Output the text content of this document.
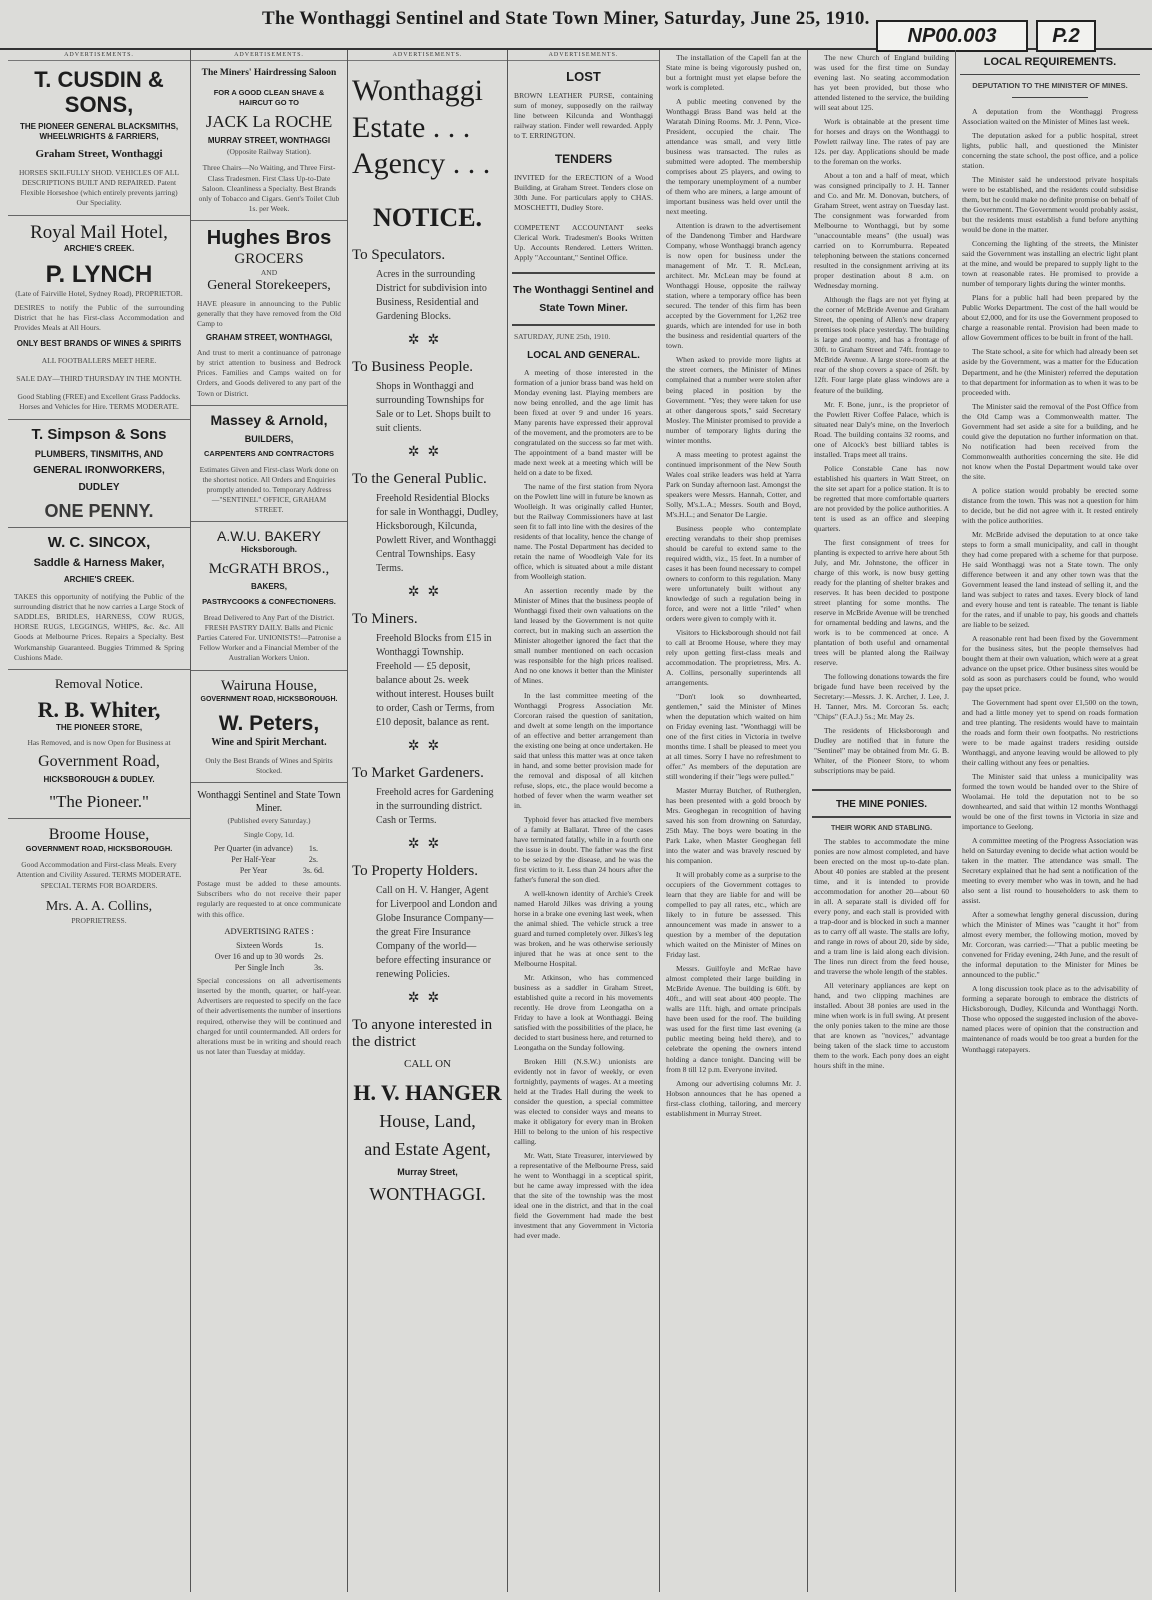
The Wonthaggi Sentinel and State Town Miner, Saturday, June 25, 1910.
NP00.003	P.2
ADVERTISEMENTS.
T. CUSDIN & SONS,
THE PIONEER GENERAL BLACKSMITHS, WHEELWRIGHTS & FARRIERS,
Graham Street, Wonthaggi
HORSES SKILFULLY SHOD. VEHICLES OF ALL DESCRIPTIONS BUILT AND REPAIRED. Patent Flexible Horseshoe (which entirely prevents jarring) Our Speciality.
Royal Mail Hotel,
ARCHIE'S CREEK.
P. LYNCH
(Late of Fairville Hotel, Sydney Road), PROPRIETOR.
DESIRES to notify the Public of the surrounding District that he has First-class Accommodation and Provides Meals at All Hours.
ONLY BEST BRANDS OF WINES & SPIRITS
ALL FOOTBALLERS MEET HERE.
SALE DAY—THIRD THURSDAY IN THE MONTH.
Good Stabling (FREE) and Excellent Grass Paddocks. Horses and Vehicles for Hire. TERMS MODERATE.
T. Simpson & Sons
PLUMBERS, TINSMITHS, AND
GENERAL IRONWORKERS,
DUDLEY
ONE PENNY.
W. C. SINCOX,
Saddle & Harness Maker,
ARCHIE'S CREEK.
TAKES this opportunity of notifying the Public of the surrounding district that he now carries a Large Stock of SADDLES, BRIDLES, HARNESS, COW RUGS, HORSE RUGS, LEGGINGS, WHIPS, &c. &c. All Goods at Melbourne Prices. Repairs a Specialty. Best Workmanship Guaranteed. Buggies Trimmed & Spring Cushions Made.
Removal Notice.
R. B. Whiter,
THE PIONEER STORE,
Has Removed, and is now Open for Business at
Government Road,
HICKSBOROUGH & DUDLEY.
"The Pioneer."
Broome House,
GOVERNMENT ROAD, HICKSBOROUGH.
Good Accommodation and First-class Meals. Every Attention and Civility Assured. TERMS MODERATE. SPECIAL TERMS FOR BOARDERS.
Mrs. A. A. Collins,
PROPRIETRESS.
ADVERTISEMENTS.
The Miners' Hairdressing Saloon
FOR A GOOD CLEAN SHAVE & HAIRCUT GO TO
JACK La ROCHE
MURRAY STREET, WONTHAGGI
(Opposite Railway Station).
Three Chairs—No Waiting, and Three First-Class Tradesmen. First Class Up-to-Date Saloon. Cleanliness a Specialty. Best Brands only of Tobacco and Cigars. Gent's Toilet Club 1s. per Week.
Hughes Bros
GROCERS
AND
General Storekeepers,
HAVE pleasure in announcing to the Public generally that they have removed from the Old Camp to
GRAHAM STREET, WONTHAGGI,
And trust to merit a continuance of patronage by strict attention to business and Bedrock Prices. Families and Camps waited on for Orders, and Goods delivered to any part of the Town or District.
Massey & Arnold,
BUILDERS,
CARPENTERS AND CONTRACTORS
Estimates Given and First-class Work done on the shortest notice. All Orders and Enquiries promptly attended to. Temporary Address—"SENTINEL" OFFICE, GRAHAM STREET.
A.W.U. BAKERY
Hicksborough.
McGRATH BROS.,
BAKERS,
PASTRYCOOKS & CONFECTIONERS.
Bread Delivered to Any Part of the District. FRESH PASTRY DAILY. Balls and Picnic Parties Catered For. UNIONISTS!—Patronise a Fellow Worker and a Financial Member of the Australian Workers Union.
Wairuna House,
GOVERNMENT ROAD, HICKSBOROUGH.
W. Peters,
Wine and Spirit Merchant.
Only the Best Brands of Wines and Spirits Stocked.
Wonthaggi Sentinel and State Town Miner.
(Published every Saturday.)
Single Copy, 1d.
Per Quarter (in advance)	1s.
Per Half-Year	2s.
Per Year	3s. 6d.
Postage must be added to these amounts. Subscribers who do not receive their paper regularly are requested to at once communicate with this office.
ADVERTISING RATES :
Sixteen Words	1s.
Over 16 and up to 30 words	2s.
Per Single Inch	3s.
Special concessions on all advertisements inserted by the month, quarter, or half-year. Advertisers are requested to specify on the face of their advertisements the number of insertions required, otherwise they will be continued and charged for until countermanded. All orders for alterations must be in writing and should reach us not later than Tuesday at midday.
ADVERTISEMENTS.
Wonthaggi
Estate . . .
Agency . . .
NOTICE.
To Speculators.
Acres in the surrounding District for subdivision into Business, Residential and Gardening Blocks.
✲✲
To Business People.
Shops in Wonthaggi and surrounding Townships for Sale or to Let. Shops built to suit clients.
✲✲
To the General Public.
Freehold Residential Blocks for sale in Wonthaggi, Dudley, Hicksborough, Kilcunda, Powlett River, and Wonthaggi Central Townships. Easy Terms.
✲✲
To Miners.
Freehold Blocks from £15 in Wonthaggi Township. Freehold — £5 deposit, balance about 2s. week without interest. Houses built to order, Cash or Terms, from £10 deposit, balance as rent.
✲✲
To Market Gardeners.
Freehold acres for Gardening in the surrounding district. Cash or Terms.
✲✲
To Property Holders.
Call on H. V. Hanger, Agent for Liverpool and London and Globe Insurance Company—the great Fire Insurance Company of the world—before effecting insurance or renewing Policies.
✲✲
To anyone interested in the district
CALL ON
H. V. HANGER
House, Land,
and Estate Agent,
Murray Street,
WONTHAGGI.
ADVERTISEMENTS.
LOST
BROWN LEATHER PURSE, containing sum of money, supposedly on the railway line between Kilcunda and Wonthaggi railway station. Finder well rewarded. Apply to T. ERRINGTON.
TENDERS
INVITED for the ERECTION of a Wood Building, at Graham Street. Tenders close on 30th June. For particulars apply to CHAS. MOSCHETTI, Dudley Store.
COMPETENT ACCOUNTANT seeks Clerical Work. Tradesmen's Books Written Up. Accounts Rendered. Letters Written. Apply "Accountant," Sentinel Office.
The Wonthaggi Sentinel and State Town Miner.
SATURDAY, JUNE 25th, 1910.
LOCAL AND GENERAL.

A meeting of those interested in the formation of a junior brass band was held on Monday evening last. Playing members are now being enrolled, and the age limit has been fixed at over 9 and under 16 years. Many parents have expressed their approval of the movement, and the promoters are to be congratulated on the success so far met with. The appointment of a band master will be made next week at a meeting which will be held on a date to be fixed.

The name of the first station from Nyora on the Powlett line will in future be known as Woolleigh. It was originally called Hunter, but the Railway Commissioners have at last seen fit to fall into line with the desires of the residents of that locality, hence the change of name. The Postal Department has decided to retain the name of Woodleigh Vale for its office, which is situated about a mile distant from Woolleigh station.

An assertion recently made by the Minister of Mines that the business people of Wonthaggi fixed their own valuations on the land leased by the Government is not quite correct, but in making such an assertion the Minister altogether ignored the fact that the small number mentioned on each occasion was responsible for the high prices realised. And no one knows it better than the Minister of Mines.

In the last committee meeting of the Wonthaggi Progress Association Mr. Corcoran raised the question of sanitation, and dwelt at some length on the importance of an effective and better arrangement than the existing one being at once undertaken. He said that unless this matter was at once taken in hand, and some better provision made for the removal and disposal of all kitchen refuse, slops, etc., the place would become a hotbed of fever when the warm weather set in.

Typhoid fever has attacked five members of a family at Ballarat. Three of the cases have terminated fatally, while in a fourth one the issue is in doubt. The father was the first to be seized by the disease, and he was the first victim to it. Less than 24 hours after the father's funeral the son died.

A well-known identity of Archie's Creek named Harold Jilkes was driving a young horse in a brake one evening last week, when the animal shied. The vehicle struck a tree guard and turned completely over. Jilkes's leg was broken, and he was otherwise seriously injured that he was at once sent to the Melbourne Hospital.

Mr. Atkinson, who has commenced business as a saddler in Graham Street, established quite a record in his movements recently. He drove from Leongatha on a Friday to have a look at Wonthaggi. Being satisfied with the possibilities of the place, he decided to start business here, and returned to Leongatha on the Sunday following.

Broken Hill (N.S.W.) unionists are evidently not in favor of weekly, or even fortnightly, payments of wages. At a meeting held at the Trades Hall during the week to consider the question, a special committee was elected to consider ways and means to make it obligatory for every man in Broken Hill to belong to the union of his respective calling.

Mr. Watt, State Treasurer, interviewed by a representative of the Melbourne Press, said he went to Wonthaggi in a sceptical spirit, but he came away impressed with the idea that the site of the township was the most ideal one in the district, and that in the coal field the Government had made the best investment that any Government in Victoria had ever made.

The installation of the Capell fan at the State mine is being vigorously pushed on, but a fortnight must yet elapse before the work is completed.

A public meeting convened by the Wonthaggi Brass Band was held at the Waratah Dining Rooms. Mr. J. Penn, Vice-President, occupied the chair. The attendance was small, and very little business was transacted. The rules as submitted were adopted. The membership comprises about 25 players, and owing to the temporary unemployment of a number of them who are miners, a large amount of important business was held over until the next meeting.

Attention is drawn to the advertisement of the Dandenong Timber and Hardware Company, whose Wonthaggi branch agency is now open for business under the management of Mr. T. R. McLean, architect. Mr. McLean may be found at Wonthaggi House, opposite the railway station, where a temporary office has been secured. The tender of this firm has been accepted by the Government for 1,262 tree guards, which are intended for use in both the business and residential quarters of the town.

When asked to provide more lights at the street corners, the Minister of Mines complained that a number were stolen after being placed in position by the Government. "Yes; they were taken for use at other dangerous spots," said Secretary Mosley. The Minister promised to provide a number of temporary lights during the winter months.

A mass meeting to protest against the continued imprisonment of the New South Wales coal strike leaders was held at Yarra Park on Sunday afternoon last. Amongst the speakers were Messrs. Hannah, Cotter, and Solly, M's.L.A.; Messrs. South and Boyd, M's.H.L.; and Senator De Largie.

Business people who contemplate erecting verandahs to their shop premises should be careful to extend same to the required width, viz., 15 feet. In a number of cases it has been found necessary to compel owners to conform to this regulation. Many were unfortunately built without any knowledge of such a regulation being in force, and were not a little "riled" when orders were given to comply with it.

Visitors to Hicksborough should not fail to call at Broome House, where they may rely upon getting first-class meals and accommodation. The proprietress, Mrs. A. A. Collins, personally superintends all arrangements.

"Don't look so downhearted, gentlemen," said the Minister of Mines when the deputation which waited on him on Friday evening last. "Wonthaggi will be one of the first cities in Victoria in twelve months time. I shall be pleased to meet you at all times. Sorry I have no refreshment to offer." As members of the deputation are still wondering if their "legs were pulled."

Master Murray Butcher, of Rutherglen, has been presented with a gold brooch by Mrs. Geoghegan in recognition of having saved his son from drowning on Saturday, 25th May. The boys were boating in the Park Lake, when Master Geoghegan fell into the water and was bravely rescued by his companion.

It will probably come as a surprise to the occupiers of the Government cottages to learn that they are liable for and will be compelled to pay all rates, etc., which are likely to in future be assessed. This announcement was made in answer to a question by a member of the deputation which waited on the Minister of Mines on Friday last.

Messrs. Guilfoyle and McRae have almost completed their large building in McBride Avenue. The building is 60ft. by 40ft., and will seat about 400 people. The walls are 11ft. high, and ornate principals have been used for the roof. The building was used for the first time last evening (a public meeting being held there), and to celebrate the opening the owners intend holding a dance tonight. Dancing will be from 8 till 12 p.m. Everyone invited.

Among our advertising columns Mr. J. Hobson announces that he has opened a first-class clothing, tailoring, and mercery establishment in Murray Street.

The new Church of England building was used for the first time on Sunday evening last. No seating accommodation has yet been provided, but those who attended listened to the service, the building will seat about 125.

Work is obtainable at the present time for horses and drays on the Wonthaggi to Powlett railway line. The rates of pay are 12s. per day. Applications should be made to the foreman on the works.

About a ton and a half of meat, which was consigned principally to J. H. Tanner and Co. and Mr. M. Donovan, butchers, of Graham Street, went astray on Tuesday last. The consignment was forwarded from Melbourne to Wonthaggi, but by some "unaccountable means" (the usual) was carried on to Korrumburra. Repeated telephoning between the stations concerned resulted in the consignment arriving at its proper destination about 8 a.m. on Wednesday morning.

Although the flags are not yet flying at the corner of McBride Avenue and Graham Street, the opening of Allen's new drapery premises took place yesterday. The building is large and roomy, and has a frontage of 30ft. to Graham Street and 74ft. frontage to McBride Avenue. A large store-room at the rear of the shop covers a space of 26ft. by 12ft. Four large plate glass windows are a feature of the building.

Mr. F. Bone, junr., is the proprietor of the Powlett River Coffee Palace, which is situated near Daly's mine, on the Inverloch Road. The building contains 32 rooms, and one of Alcock's best billiard tables is installed. Traps meet all trains.

Police Constable Cane has now established his quarters in Watt Street, on the site set apart for a police station. It is to be regretted that more comfortable quarters are not provided by the police authorities. A tent is used as an office and sleeping quarters.

The first consignment of trees for planting is expected to arrive here about 5th July, and Mr. Johnstone, the officer in charge of this work, is now busy getting ready for the planting of shelter brakes and reserves. It has been decided to postpone street planting for some months. The reserve in McBride Avenue will be trenched for ornamental bedding and lawns, and the work is to be commenced at once. A plantation of both useful and ornamental trees will be planted along the Railway reserve.

The following donations towards the fire brigade fund have been received by the Secretary:—Messrs. J. K. Archer, J. Lee, J. H. Tanner, Mrs. M. Corcoran 5s. each; "Chips" (F.A.J.) 5s.; Mr. May 2s.

The residents of Hicksborough and Dudley are notified that in future the "Sentinel" may be obtained from Mr. G. B. Whiter, of the Pioneer Store, to whom subscriptions may be paid.

THE MINE PONIES.
THEIR WORK AND STABLING.

The stables to accommodate the mine ponies are now almost completed, and have been erected on the most up-to-date plan. About 40 ponies are stabled at the present time, and it is intended to provide accommodation for another 20—about 60 in all. A separate stall is divided off for every pony, and each stall is provided with a trap-door and is blocked in such a manner as to carry off all waste. The stalls are lofty, and range in rows of about 20, side by side, and a tram line is laid along each division. The lines run direct from the feed house, and traverse the whole length of the stables.

All veterinary appliances are kept on hand, and two clipping machines are installed. About 38 ponies are used in the mine when work is in full swing. At present the only ponies taken to the mine are those that are known as "novices," advantage being taken of the slack time to accustom them to the work. Each pony does an eight hours shift in the mine.

LOCAL REQUIREMENTS.
DEPUTATION TO THE MINISTER OF MINES.

A deputation from the Wonthaggi Progress Association waited on the Minister of Mines last week.

The deputation asked for a public hospital, street lights, public hall, and questioned the Minister concerning the state school, the post office, and a police station.

The Minister said he understood private hospitals were to be established, and the residents could subsidise them, but he could make no definite promise on behalf of the Government. The Government would probably assist, but the residents must establish a fund before anything would be done in the matter.

Concerning the lighting of the streets, the Minister said the Government was installing an electric light plant at the mine, and would be prepared to supply light to the town at reasonable rates. He promised to provide a number of temporary lights during the winter months.

Plans for a public hall had been prepared by the Public Works Department. The cost of the hall would be about £2,000, and for its use the Government proposed to charge a reasonable rental. Provision had been made to allow Government offices to be built in front of the hall.

The State school, a site for which had already been set aside by the Government, was a matter for the Education Department, and he (the Minister) referred the deputation to that department for information as to when it was to be proceeded with.

The Minister said the removal of the Post Office from the Old Camp was a Commonwealth matter. The Government had set aside a site for a building, and he could give the deputation no further information on that. No notification had been received from the Commonwealth authorities concerning the site. He did not know when the Postal Department would take over the site.

A police station would probably be erected some distance from the town. This was not a question for him to decide, but he did not agree with it. It rested entirely with the police authorities.

Mr. McBride advised the deputation to at once take steps to form a small municipality, and call in thought they had come prepared with a scheme for that purpose. He said Wonthaggi was not a State town. The only difference between it and any other town was that the Government leased the land instead of selling it, and the land was subject to rates and taxes. Every block of land and every house and tent is rateable. The tenant is liable for the rates, and if unable to pay, his goods and chattels are liable to be seized.

A reasonable rent had been fixed by the Government for the business sites, but the people themselves had bought them at their own valuation, which were at a great advance on the upset price. Other business sites would be sold as soon as purchasers could be found, who would pay the upset price.

The Government had spent over £1,500 on the town, and had a little money yet to spend on roads formation and tree planting. The residents would have to maintain the roads and form their own footpaths. No restrictions were to be made against traders residing outside Wonthaggi, and anyone leaving would be allowed to ply their calling without any fees or penalties.

The Minister said that unless a municipality was formed the town would be handed over to the Shire of Woolamai. He told the deputation not to be so downhearted, and said that within 12 months Wonthaggi would be one of the first towns in Victoria in size and importance to Geelong.

A committee meeting of the Progress Association was held on Saturday evening to decide what action would be taken in the matter. The attendance was small. The Secretary explained that he had sent a notification of the meeting to every member who was in town, and he had also sent a list round to householders to ask them to assist.

After a somewhat lengthy general discussion, during which the Minister of Mines was "caught it hot" from almost every member, the following motion, moved by Mr. Corcoran, was carried:—"That a public meeting be convened for Friday evening, 24th June, and the result of the informal deputation to the Minister for Mines be announced to the public."

A long discussion took place as to the advisability of forming a separate borough to embrace the districts of Hicksborough, Dudley, Kilcunda and Wonthaggi North. Those who opposed the suggested inclusion of the above-named places were of opinion that the construction and maintenance of roads would be too great a burden for the Wonthaggi ratepayers.
